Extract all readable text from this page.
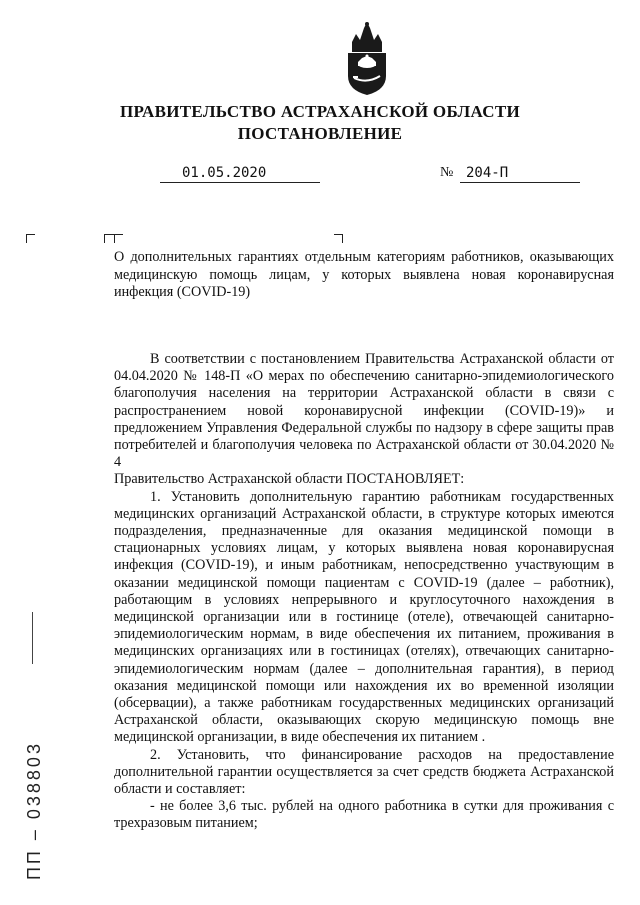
ПРАВИТЕЛЬСТВО АСТРАХАНСКОЙ ОБЛАСТИ
ПОСТАНОВЛЕНИЕ
01.05.2020	№ 204-П
О дополнительных гарантиях отдельным категориям работников, оказывающих медицинскую помощь лицам, у которых выявлена новая коронавирусная инфекция (COVID-19)

В соответствии с постановлением Правительства Астраханской области от 04.04.2020 № 148-П «О мерах по обеспечению санитарно-эпидемиологического благополучия населения на территории Астраханской области в связи с распространением новой коронавирусной инфекции (COVID-19)» и предложением Управления Федеральной службы по надзору в сфере защиты прав потребителей и благополучия человека по Астраханской области от 30.04.2020 № 4

Правительство Астраханской области ПОСТАНОВЛЯЕТ:

1. Установить дополнительную гарантию работникам государственных медицинских организаций Астраханской области, в структуре которых имеются подразделения, предназначенные для оказания медицинской помощи в стационарных условиях лицам, у которых выявлена новая коронавирусная инфекция (COVID-19), и иным работникам, непосредственно участвующим в оказании медицинской помощи пациентам с COVID-19 (далее – работник), работающим в условиях непрерывного и круглосуточного нахождения в медицинской организации или в гостинице (отеле), отвечающей санитарно-эпидемиологическим нормам, в виде обеспечения их питанием, проживания в медицинских организациях или в гостиницах (отелях), отвечающих санитарно-эпидемиологическим нормам (далее – дополнительная гарантия), в период оказания медицинской помощи или нахождения их во временной изоляции (обсервации), а также работникам государственных медицинских организаций Астраханской области, оказывающих скорую медицинскую помощь вне медицинской организации, в виде обеспечения их питанием .

2. Установить, что финансирование расходов на предоставление дополнительной гарантии осуществляется за счет средств бюджета Астраханской области и составляет:

- не более 3,6 тыс. рублей на одного работника в сутки для проживания с трехразовым питанием;

ПП – 038803
